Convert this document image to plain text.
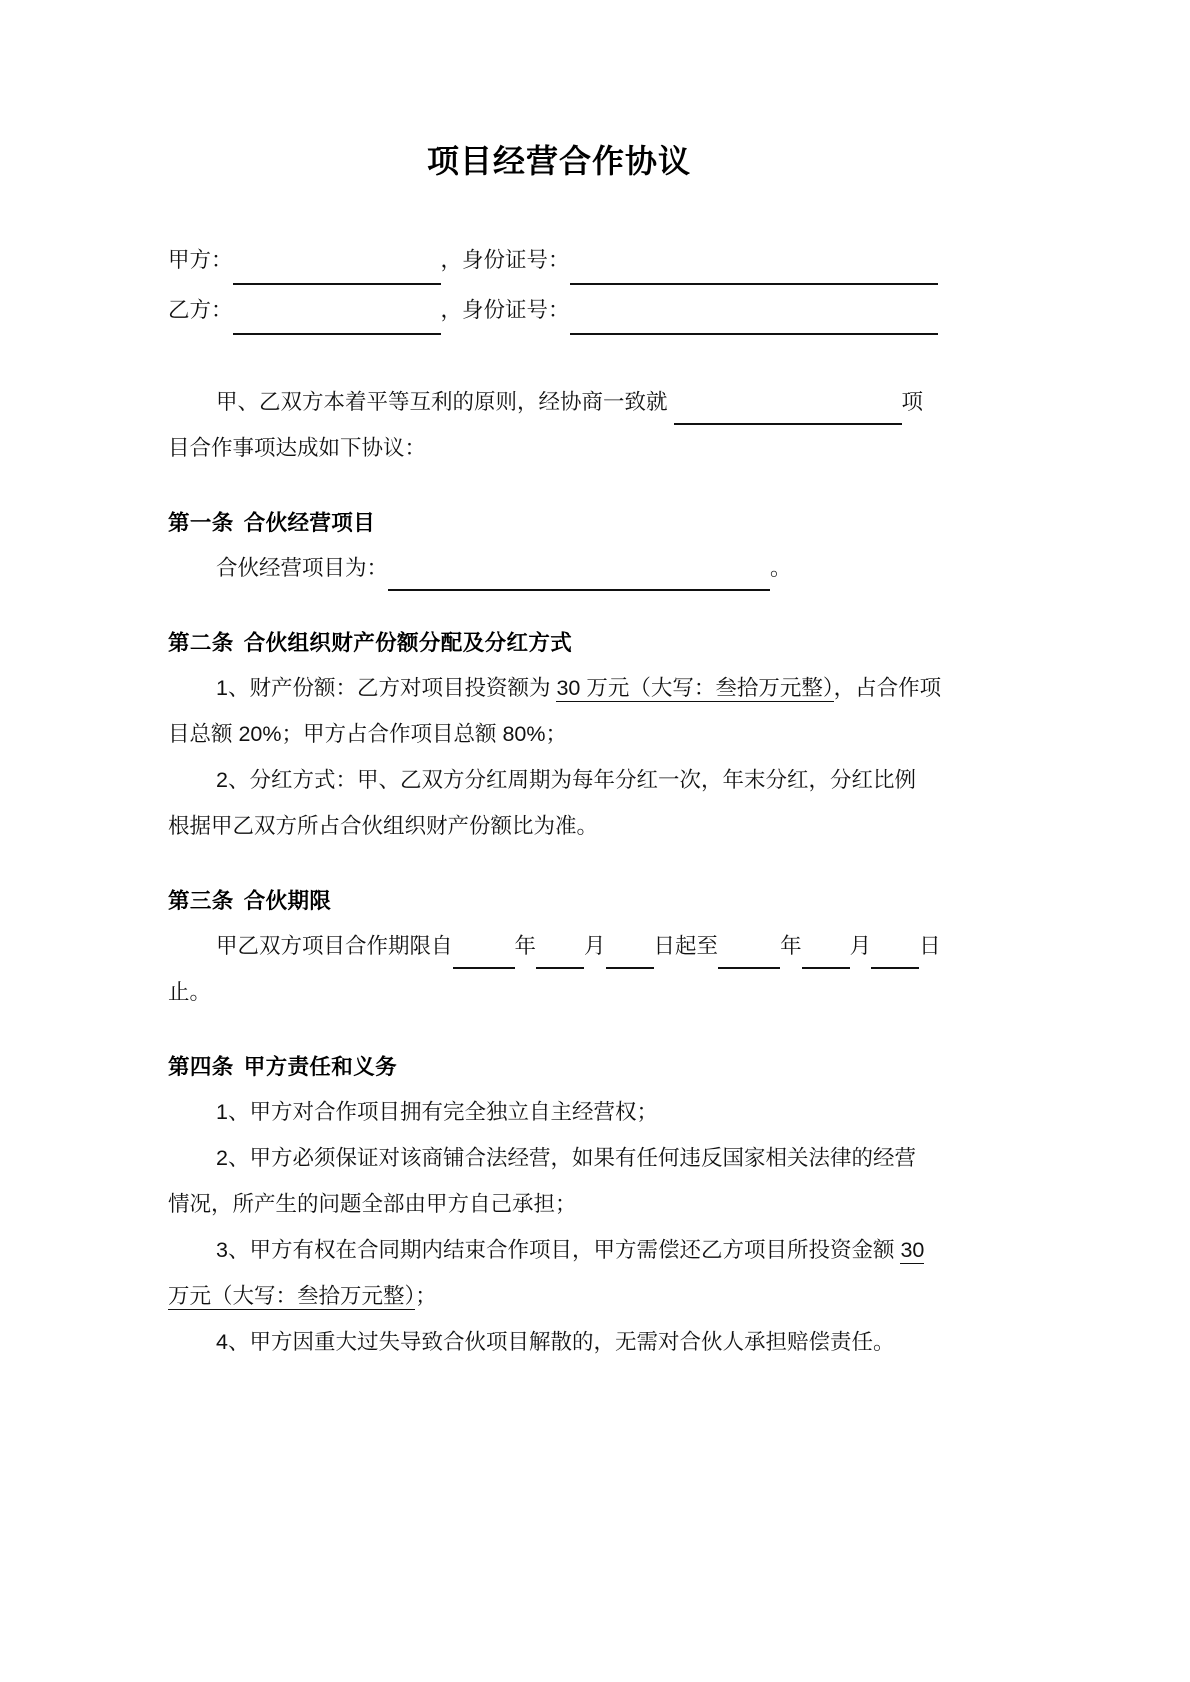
项目经营合作协议
甲方：	，身份证号：
乙方：	，身份证号：
甲、乙双方本着平等互利的原则，经协商一致就	项
目合作事项达成如下协议：
第一条 合伙经营项目
合伙经营项目为：	。
第二条 合伙组织财产份额分配及分红方式
1、财产份额：乙方对项目投资额为 30 万元（大写：叁拾万元整），占合作项
目总额 20%；甲方占合作项目总额 80%；
2、分红方式：甲、乙双方分红周期为每年分红一次，年末分红，分红比例
根据甲乙双方所占合伙组织财产份额比为准。
第三条 合伙期限
甲乙双方项目合作期限自	年 月 日起至	年 月 日
止。
第四条 甲方责任和义务
1、甲方对合作项目拥有完全独立自主经营权；
2、甲方必须保证对该商铺合法经营，如果有任何违反国家相关法律的经营
情况，所产生的问题全部由甲方自己承担；
3、甲方有权在合同期内结束合作项目，甲方需偿还乙方项目所投资金额 30
万元（大写：叁拾万元整）；
4、甲方因重大过失导致合伙项目解散的，无需对合伙人承担赔偿责任。
